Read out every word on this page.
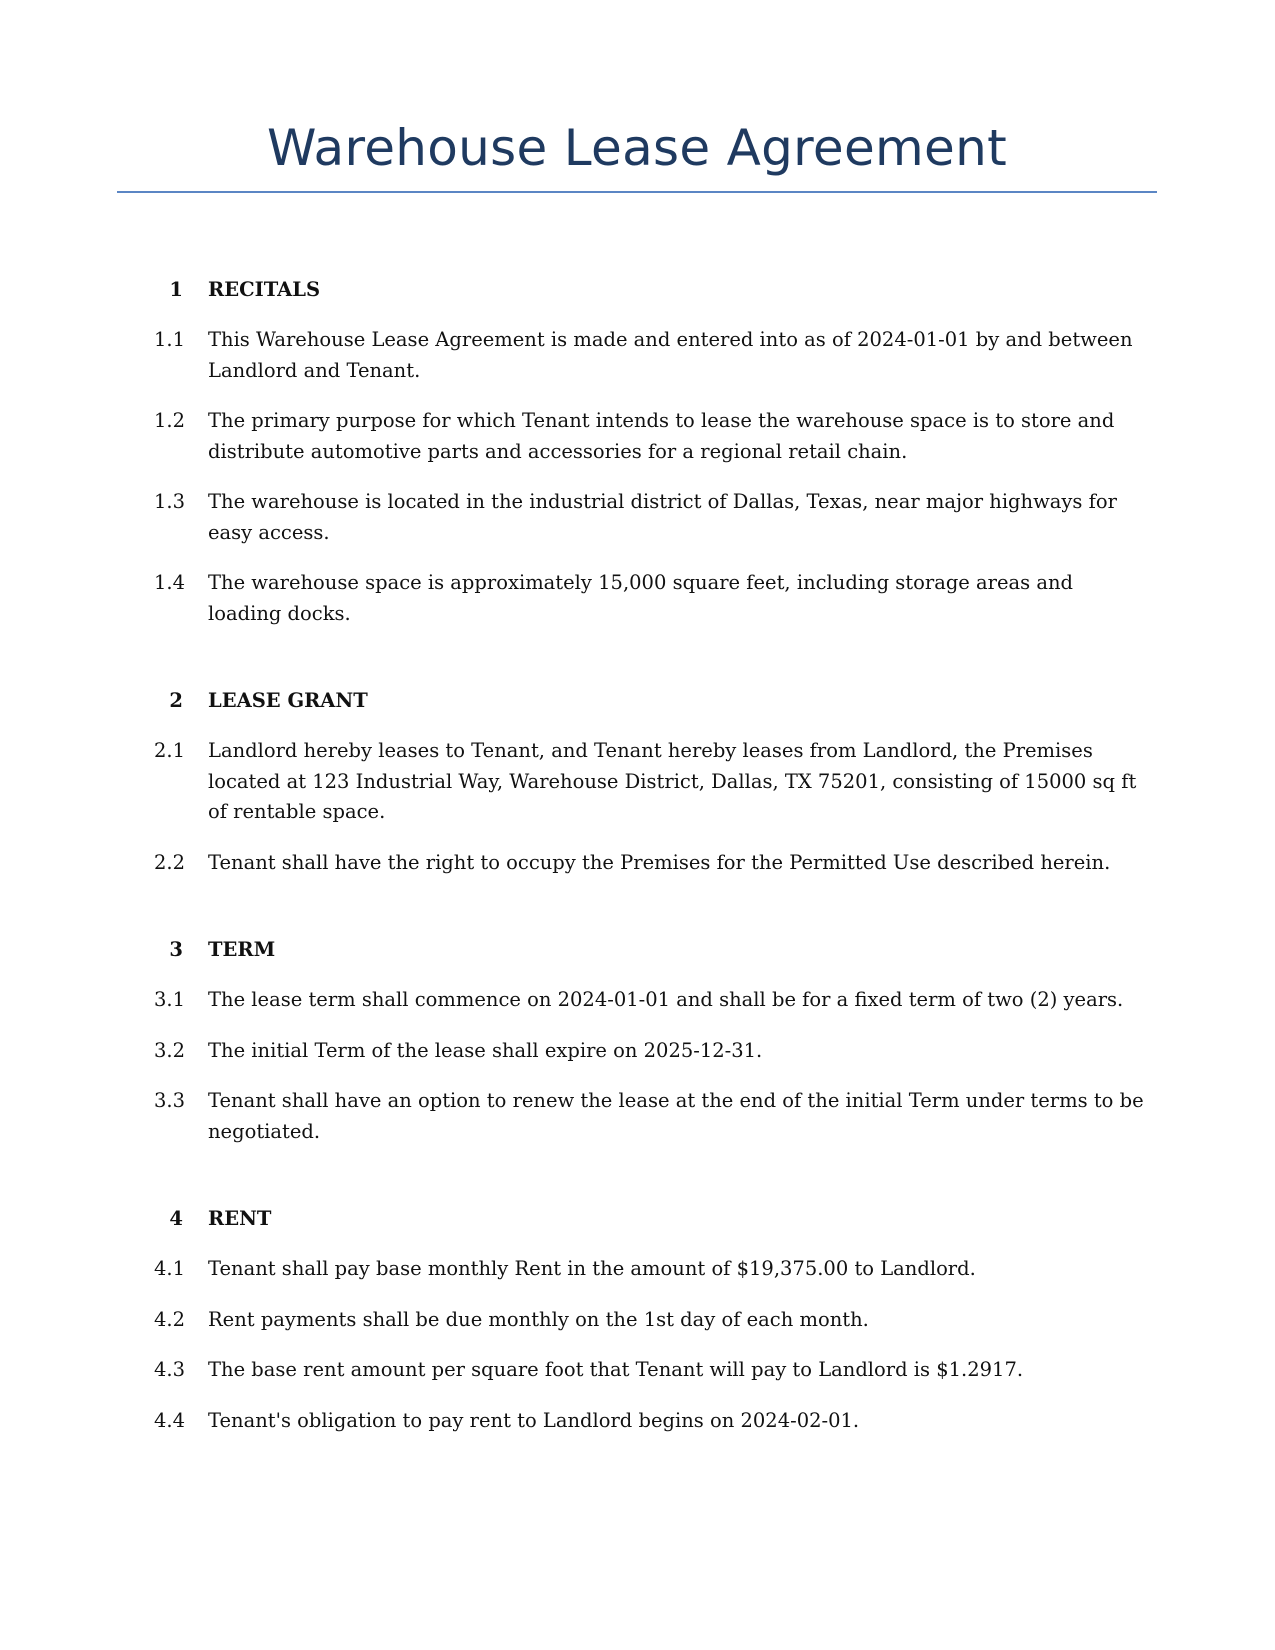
Warehouse Lease Agreement
1	RECITALS
1.1	This Warehouse Lease Agreement is made and entered into as of 2024-01-01 by and between Landlord and Tenant.
1.2	The primary purpose for which Tenant intends to lease the warehouse space is to store and distribute automotive parts and accessories for a regional retail chain.
1.3	The warehouse is located in the industrial district of Dallas, Texas, near major highways for easy access.
1.4	The warehouse space is approximately 15,000 square feet, including storage areas and loading docks.
2	LEASE GRANT
2.1	Landlord hereby leases to Tenant, and Tenant hereby leases from Landlord, the Premises located at 123 Industrial Way, Warehouse District, Dallas, TX 75201, consisting of 15000 sq ft of rentable space.
2.2	Tenant shall have the right to occupy the Premises for the Permitted Use described herein.
3	TERM
3.1	The lease term shall commence on 2024-01-01 and shall be for a fixed term of two (2) years.
3.2	The initial Term of the lease shall expire on 2025-12-31.
3.3	Tenant shall have an option to renew the lease at the end of the initial Term under terms to be negotiated.
4	RENT
4.1	Tenant shall pay base monthly Rent in the amount of $19,375.00 to Landlord.
4.2	Rent payments shall be due monthly on the 1st day of each month.
4.3	The base rent amount per square foot that Tenant will pay to Landlord is $1.2917.
4.4	Tenant's obligation to pay rent to Landlord begins on 2024-02-01.
